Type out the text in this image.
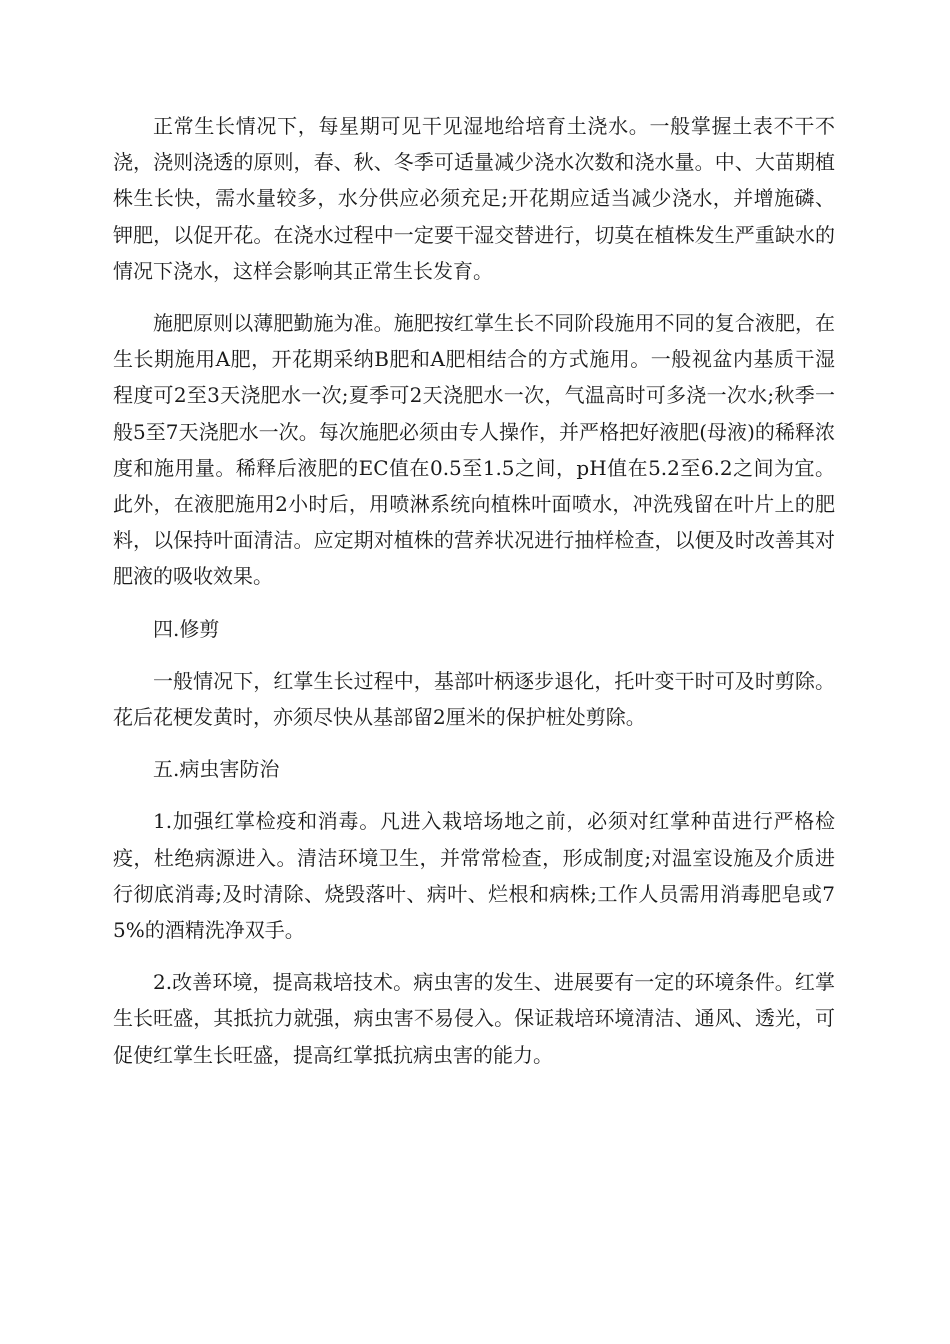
正常生长情况下，每星期可见干见湿地给培育土浇水。一般掌握土表不干不浇，浇则浇透的原则，春、秋、冬季可适量减少浇水次数和浇水量。中、大苗期植株生长快，需水量较多，水分供应必须充足;开花期应适当减少浇水，并增施磷、钾肥，以促开花。在浇水过程中一定要干湿交替进行，切莫在植株发生严重缺水的情况下浇水，这样会影响其正常生长发育。

施肥原则以薄肥勤施为准。施肥按红掌生长不同阶段施用不同的复合液肥，在生长期施用A肥，开花期采纳B肥和A肥相结合的方式施用。一般视盆内基质干湿程度可2至3天浇肥水一次;夏季可2天浇肥水一次，气温高时可多浇一次水;秋季一般5至7天浇肥水一次。每次施肥必须由专人操作，并严格把好液肥(母液)的稀释浓度和施用量。稀释后液肥的EC值在0.5至1.5之间，pH值在5.2至6.2之间为宜。此外，在液肥施用2小时后，用喷淋系统向植株叶面喷水，冲洗残留在叶片上的肥料，以保持叶面清洁。应定期对植株的营养状况进行抽样检查，以便及时改善其对肥液的吸收效果。

四.修剪

一般情况下，红掌生长过程中，基部叶柄逐步退化，托叶变干时可及时剪除。花后花梗发黄时，亦须尽快从基部留2厘米的保护桩处剪除。

五.病虫害防治

1.加强红掌检疫和消毒。凡进入栽培场地之前，必须对红掌种苗进行严格检疫，杜绝病源进入。清洁环境卫生，并常常检查，形成制度;对温室设施及介质进行彻底消毒;及时清除、烧毁落叶、病叶、烂根和病株;工作人员需用消毒肥皂或75%的酒精洗净双手。

2.改善环境，提高栽培技术。病虫害的发生、进展要有一定的环境条件。红掌生长旺盛，其抵抗力就强，病虫害不易侵入。保证栽培环境清洁、通风、透光，可促使红掌生长旺盛，提高红掌抵抗病虫害的能力。
